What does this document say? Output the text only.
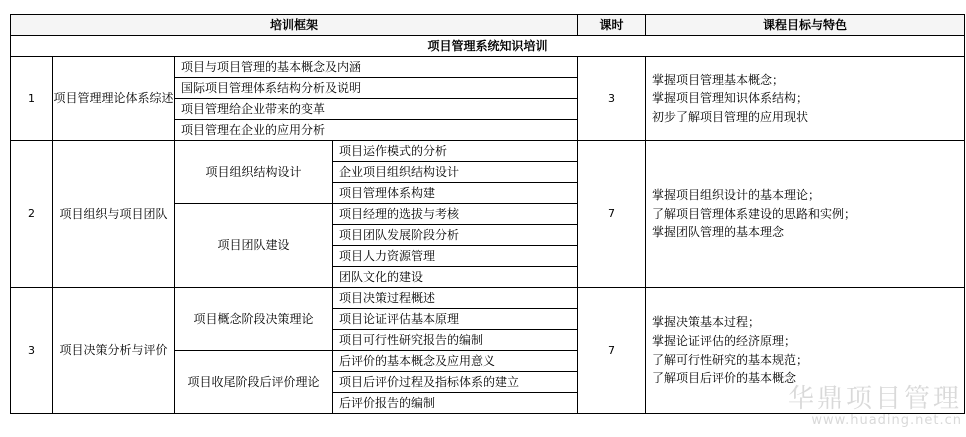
培训框架				课时	课程目标与特色
项目管理系统知识培训					
1	项目管理理论体系综述	项目与项目管理的基本概念及内涵		3	掌握项目管理基本概念；
掌握项目管理知识体系结构；
初步了解项目管理的应用现状

		国际项目管理体系结构分析及说明			
		项目管理给企业带来的变革			
		项目管理在企业的应用分析			
2	项目组织与项目团队	项目组织结构设计	项目运作模式的分析	7	掌握项目组织设计的基本理论；
了解项目管理体系建设的思路和实例；
掌握团队管理的基本理念

			企业项目组织结构设计		
			项目管理体系构建		
		项目团队建设	项目经理的选拔与考核		
			项目团队发展阶段分析		
			项目人力资源管理		
			团队文化的建设		
3	项目决策分析与评价	项目概念阶段决策理论	项目决策过程概述	7	掌握决策基本过程；
掌握论证评估的经济原理；
了解可行性研究的基本规范；
了解项目后评价的基本概念

			项目论证评估基本原理		
			项目可行性研究报告的编制		
		项目收尾阶段后评价理论	后评价的基本概念及应用意义		
			项目后评价过程及指标体系的建立		
			后评价报告的编制			华鼎项目管理
www.huading.net.cn
